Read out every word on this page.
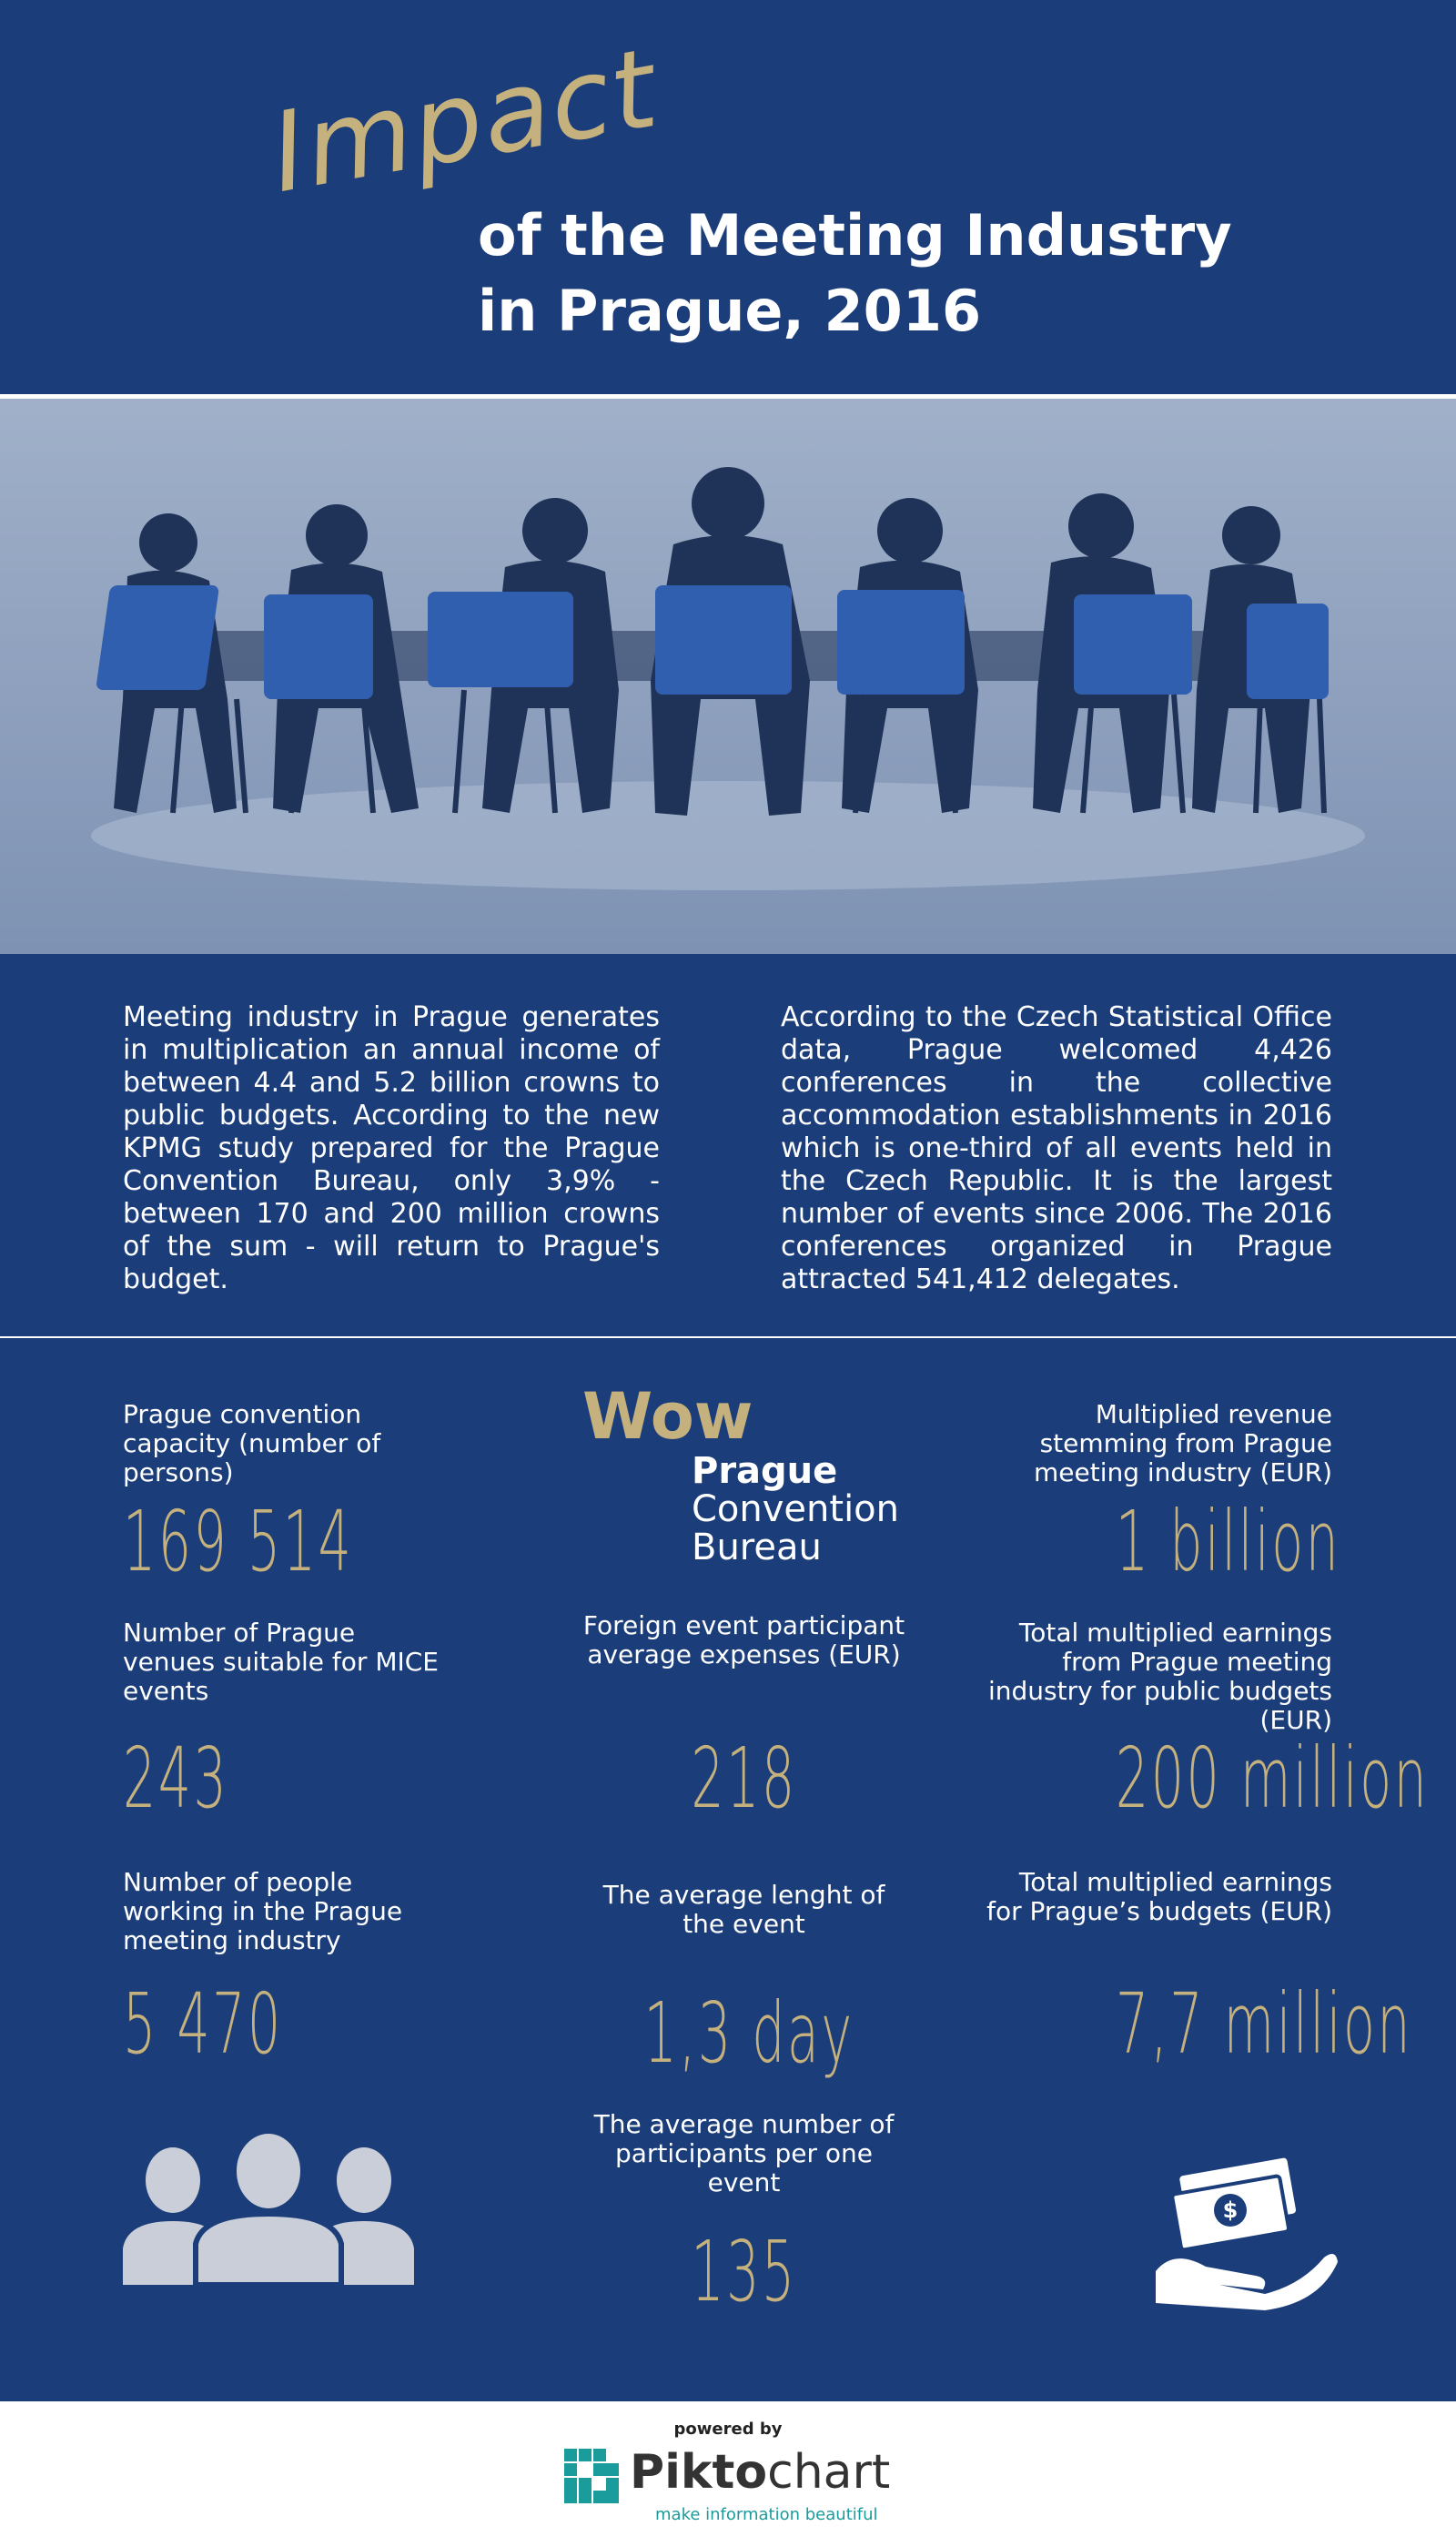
Impact
of the Meeting Industry
in Prague, 2016
Meeting industry in Prague generates in multiplication an annual income of between 4.4 and 5.2 billion crowns to public budgets. According to the new KPMG study prepared for the Prague Convention Bureau, only 3,9% - between 170 and 200 million crowns of the sum - will return to Prague's budget.
According to the Czech Statistical Office data, Prague welcomed 4,426 conferences in the collective accommodation establishments in 2016 which is one-third of all events held in the Czech Republic. It is the largest number of events since 2006. The 2016 conferences organized in Prague attracted 541,412 delegates.
Prague convention capacity (number of persons)
169 514
Number of Prague venues suitable for MICE events
243
Number of people working in the Prague meeting industry
5 470
Wow
Prague
Convention
Bureau
Foreign event participant average expenses (EUR)
218
The average lenght of the event
1,3 day
The average number of participants per one event
135
Multiplied revenue stemming from Prague meeting industry (EUR)
1 billion
Total multiplied earnings from Prague meeting industry for public budgets (EUR)
200 million
Total multiplied earnings for Prague’s budgets (EUR)
7,7 million
$
powered by
Piktochart
make information beautiful
